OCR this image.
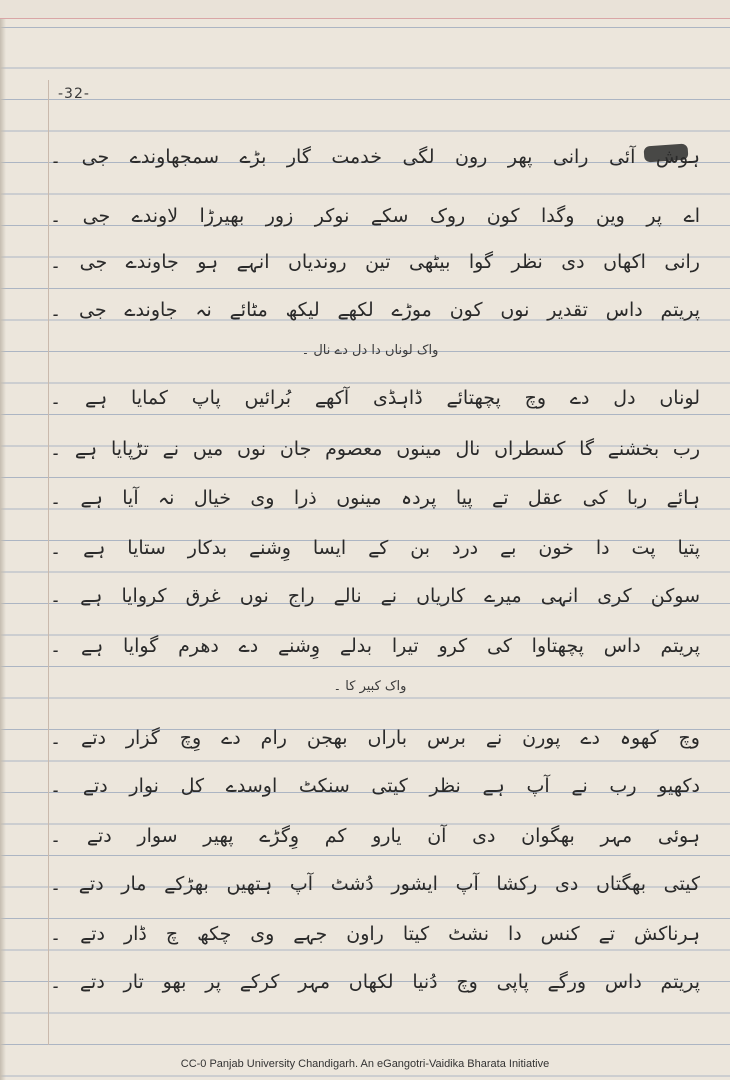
-32-
ہوش آئی رانی پھر رون لگی خدمت گار بڑے سمجھاوندے جی ۔
اے پر وین وگدا کون روک سکے نوکر زور بھیرڑا لاوندے جی ۔
رانی اکھاں دی نظر گوا بیٹھی تین روندیاں انہے ہو جاوندے جی ۔
پریتم داس تقدیر نوں کون موڑے لکھے لیکھ مٹائے نہ جاوندے جی ۔
واک لوناں دا دل دے نال ۔
لوناں دل دے وچ پچھتائے ڈاہڈی آکھے بُرائیں پاپ کمایا ہے ۔
رب بخشنے گا کسطراں نال مینوں معصوم جان نوں میں نے تڑپایا ہے ۔
ہائے ربا کی عقل تے پیا پردہ مینوں ذرا وی خیال نہ آیا ہے ۔
پتیا پت دا خون بے درد بن کے ایسا وِشنے بدکار ستایا ہے ۔
سوکن کری انہی میرے کاریاں نے نالے راج نوں غرق کروایا ہے ۔
پریتم داس پچھتاوا کی کرو تیرا بدلے وِشنے دے دھرم گوایا ہے ۔
واک کبیر کا ۔
وچ کھوہ دے پورن نے برس باراں بھجن رام دے وِچ گزار دتے ۔
دکھیو رب نے آپ ہے نظر کیتی سنکٹ اوسدے کل نوار دتے ۔
ہوئی مہر بھگوان دی آن یارو کم وِگڑے پھیر سوار دتے ۔
کیتی بھگتاں دی رکشا آپ ایشور دُشٹ آپ ہتھیں بھڑکے مار دتے ۔
ہرناکش تے کنس دا نشٹ کیتا راون جہے وی چکھ چ ڈار دتے ۔
پریتم داس ورگے پاپی وچ دُنیا لکھاں مہر کرکے پر بھو تار دتے ۔
CC-0 Panjab University Chandigarh. An eGangotri-Vaidika Bharata Initiative
